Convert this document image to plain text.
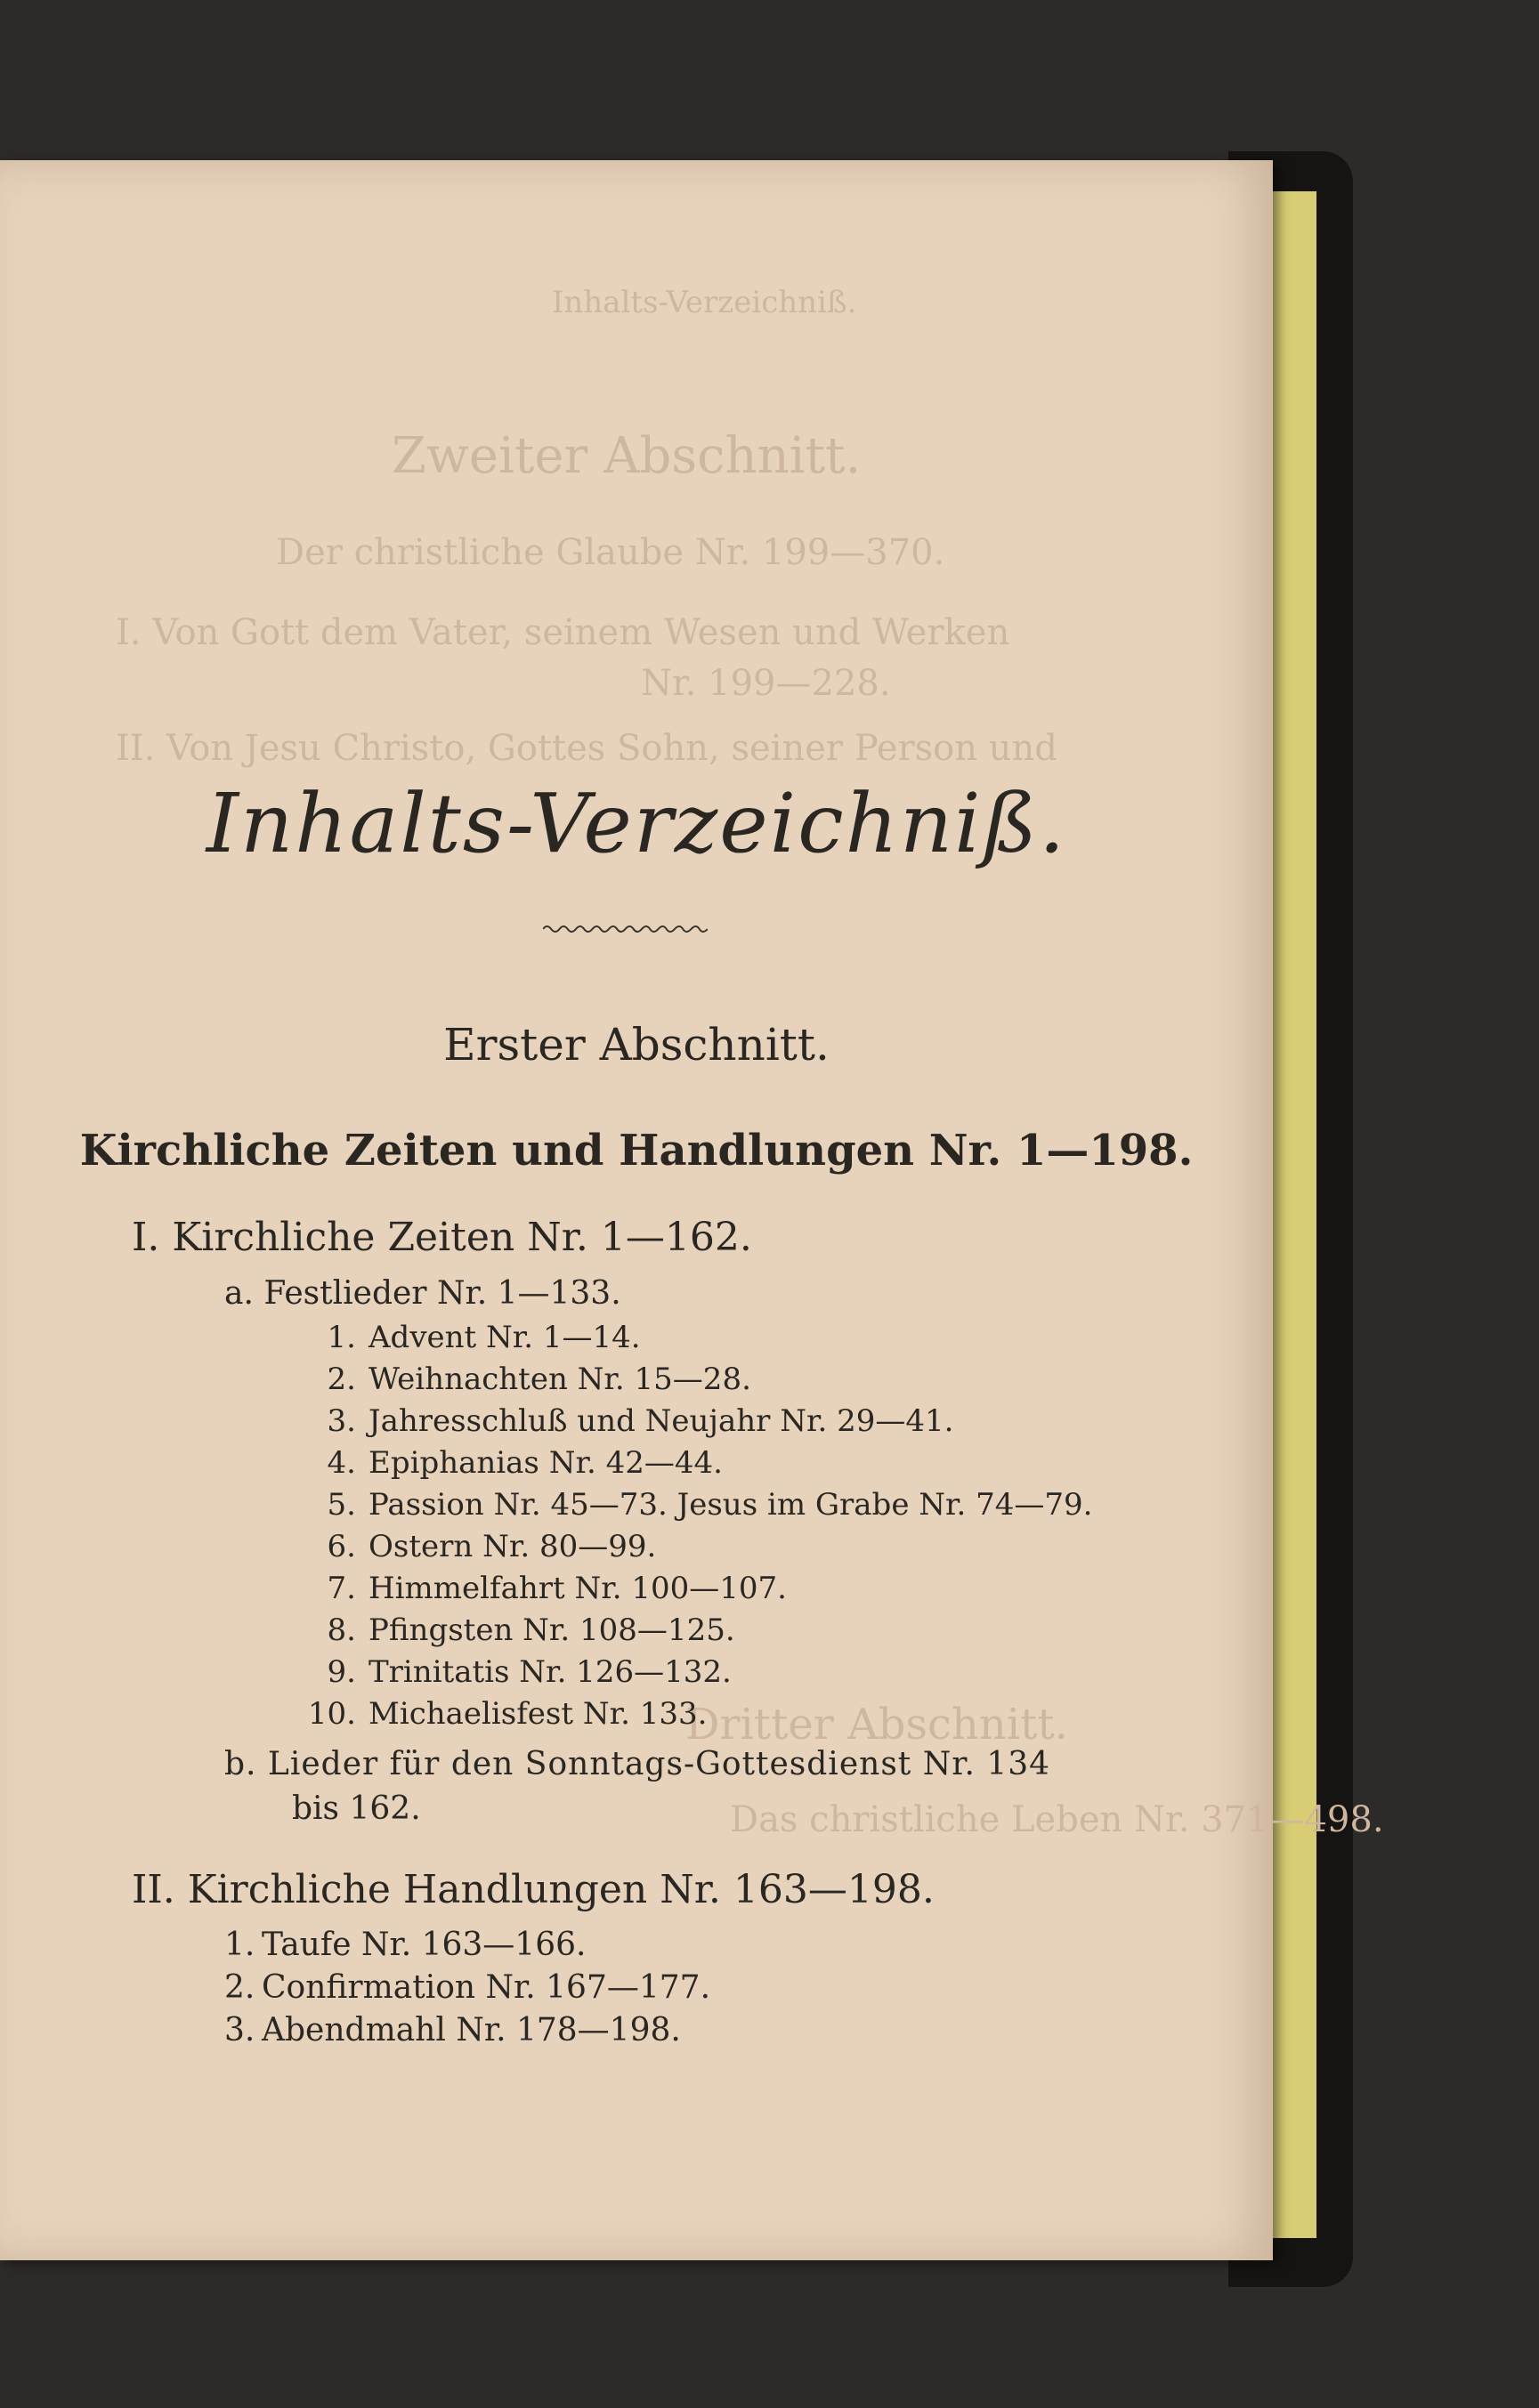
Inhalts-Verzeichniß.
Zweiter Abschnitt.
Der christliche Glaube Nr. 199—370.
I. Von Gott dem Vater, seinem Wesen und Werken
Nr. 199—228.
II. Von Jesu Christo, Gottes Sohn, seiner Person und
Dritter Abschnitt.
Das christliche Leben Nr. 371—498.
Inhalts-Verzeichniß.
Erster Abschnitt.
Kirchliche Zeiten und Handlungen Nr. 1—198.
I. Kirchliche Zeiten Nr. 1—162.
a. Festlieder Nr. 1—133.
1. Advent Nr. 1—14.
2. Weihnachten Nr. 15—28.
3. Jahresschluß und Neujahr Nr. 29—41.
4. Epiphanias Nr. 42—44.
5. Passion Nr. 45—73. Jesus im Grabe Nr. 74—79.
6. Ostern Nr. 80—99.
7. Himmelfahrt Nr. 100—107.
8. Pfingsten Nr. 108—125.
9. Trinitatis Nr. 126—132.
10. Michaelisfest Nr. 133.
b. Lieder für den Sonntags-Gottesdienst Nr. 134
bis 162.
II. Kirchliche Handlungen Nr. 163—198.
1. Taufe Nr. 163—166.
2. Confirmation Nr. 167—177.
3. Abendmahl Nr. 178—198.
